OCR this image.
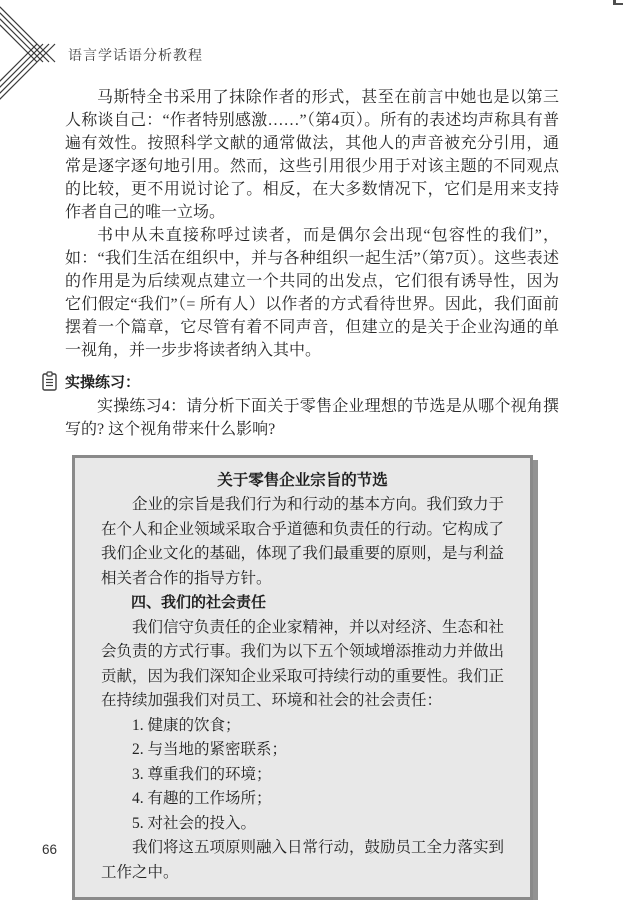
语言学话语分析教程

马斯特全书采用了抹除作者的形式，甚至在前言中她也是以第三人称谈自己：“作者特别感激……”（第4页）。所有的表述均声称具有普遍有效性。按照科学文献的通常做法，其他人的声音被充分引用，通常是逐字逐句地引用。然而，这些引用很少用于对该主题的不同观点的比较，更不用说讨论了。相反，在大多数情况下，它们是用来支持作者自己的唯一立场。

书中从未直接称呼过读者，而是偶尔会出现“包容性的我们”，如：“我们生活在组织中，并与各种组织一起生活”（第7页）。这些表述的作用是为后续观点建立一个共同的出发点，它们很有诱导性，因为它们假定“我们”（= 所有人）以作者的方式看待世界。因此，我们面前摆着一个篇章，它尽管有着不同声音，但建立的是关于企业沟通的单一视角，并一步步将读者纳入其中。

实操练习：

实操练习4：请分析下面关于零售企业理想的节选是从哪个视角撰写的? 这个视角带来什么影响?

关于零售企业宗旨的节选

企业的宗旨是我们行为和行动的基本方向。我们致力于在个人和企业领域采取合乎道德和负责任的行动。它构成了我们企业文化的基础，体现了我们最重要的原则，是与利益相关者合作的指导方针。

四、我们的社会责任

我们信守负责任的企业家精神，并以对经济、生态和社会负责的方式行事。我们为以下五个领域增添推动力并做出贡献，因为我们深知企业采取可持续行动的重要性。我们正在持续加强我们对员工、环境和社会的社会责任：

1. 健康的饮食；
2. 与当地的紧密联系；
3. 尊重我们的环境；
4. 有趣的工作场所；
5. 对社会的投入。

我们将这五项原则融入日常行动，鼓励员工全力落实到工作之中。

66
